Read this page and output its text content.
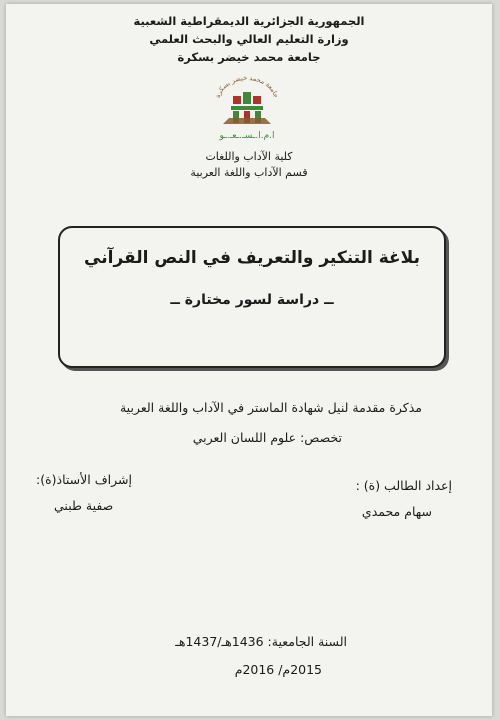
الجمهورية الجزائرية الديمقراطية الشعبية

وزارة التعليم العالي والبحث العلمي

جامعة محمد خيضر بسكرة

جامعة محمد خيضر بسكرة
ا.م.ا.ـسـ.ـعـ.ـو

كلية الآداب واللغات

قسم الآداب واللغة العربية

بلاغة التنكير والتعريف في النص القرآني

ــ دراسة لسور مختارة ــ

مذكرة مقدمة لنيل شهادة الماستر في الآداب واللغة العربية

تخصص: علوم اللسان العربي

إعداد الطالب (ة) :

سهام محمدي

إشراف الأستاذ(ة):

صفية طبني

السنة الجامعية: 1436هـ/1437هـ

2015م/ 2016م
